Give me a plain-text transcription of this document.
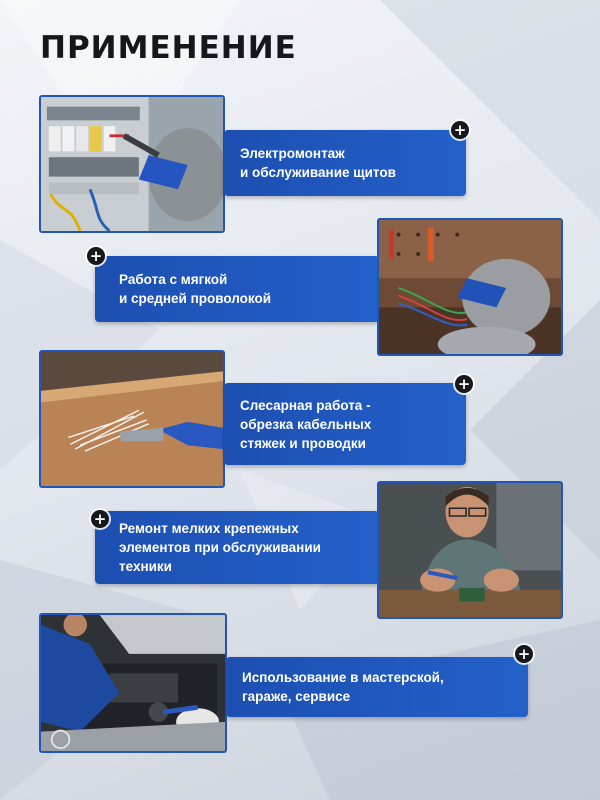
ПРИМЕНЕНИЕ
Электромонтаж
и обслуживание щитов
+
Работа с мягкой
и средней проволокой
+
Слесарная работа -
обрезка кабельных
стяжек и проводки
+
Ремонт мелких крепежных
элементов при обслуживании
техники
+
Использование в мастерской,
гараже, сервисе
+
